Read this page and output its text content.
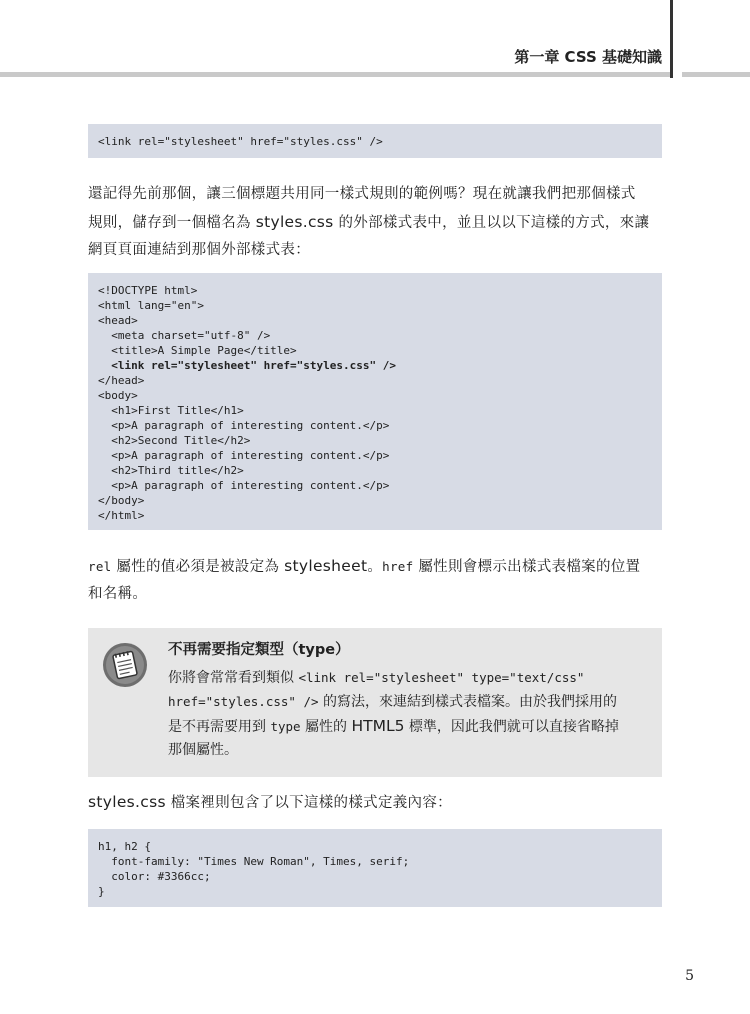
第一章 CSS 基礎知識
<link rel="stylesheet" href="styles.css" />
還記得先前那個，讓三個標題共用同一樣式規則的範例嗎？現在就讓我們把那個樣式
規則，儲存到一個檔名為 styles.css 的外部樣式表中，並且以以下這樣的方式，來讓
網頁頁面連結到那個外部樣式表：
<!DOCTYPE html>
<html lang="en">
<head>
<meta charset="utf-8" />
<title>A Simple Page</title>
<link rel="stylesheet" href="styles.css" />
</head>
<body>
<h1>First Title</h1>
<p>A paragraph of interesting content.</p>
<h2>Second Title</h2>
<p>A paragraph of interesting content.</p>
<h2>Third title</h2>
<p>A paragraph of interesting content.</p>
</body>
</html>
rel 屬性的值必須是被設定為 stylesheet。href 屬性則會標示出樣式表檔案的位置
和名稱。
不再需要指定類型（type）
你將會常常看到類似 <link rel="stylesheet" type="text/css"
href="styles.css" /> 的寫法，來連結到樣式表檔案。由於我們採用的
是不再需要用到 type 屬性的 HTML5 標準，因此我們就可以直接省略掉
那個屬性。
styles.css 檔案裡則包含了以下這樣的樣式定義內容：
h1, h2 {
font-family: "Times New Roman", Times, serif;
color: #3366cc;
}
5
